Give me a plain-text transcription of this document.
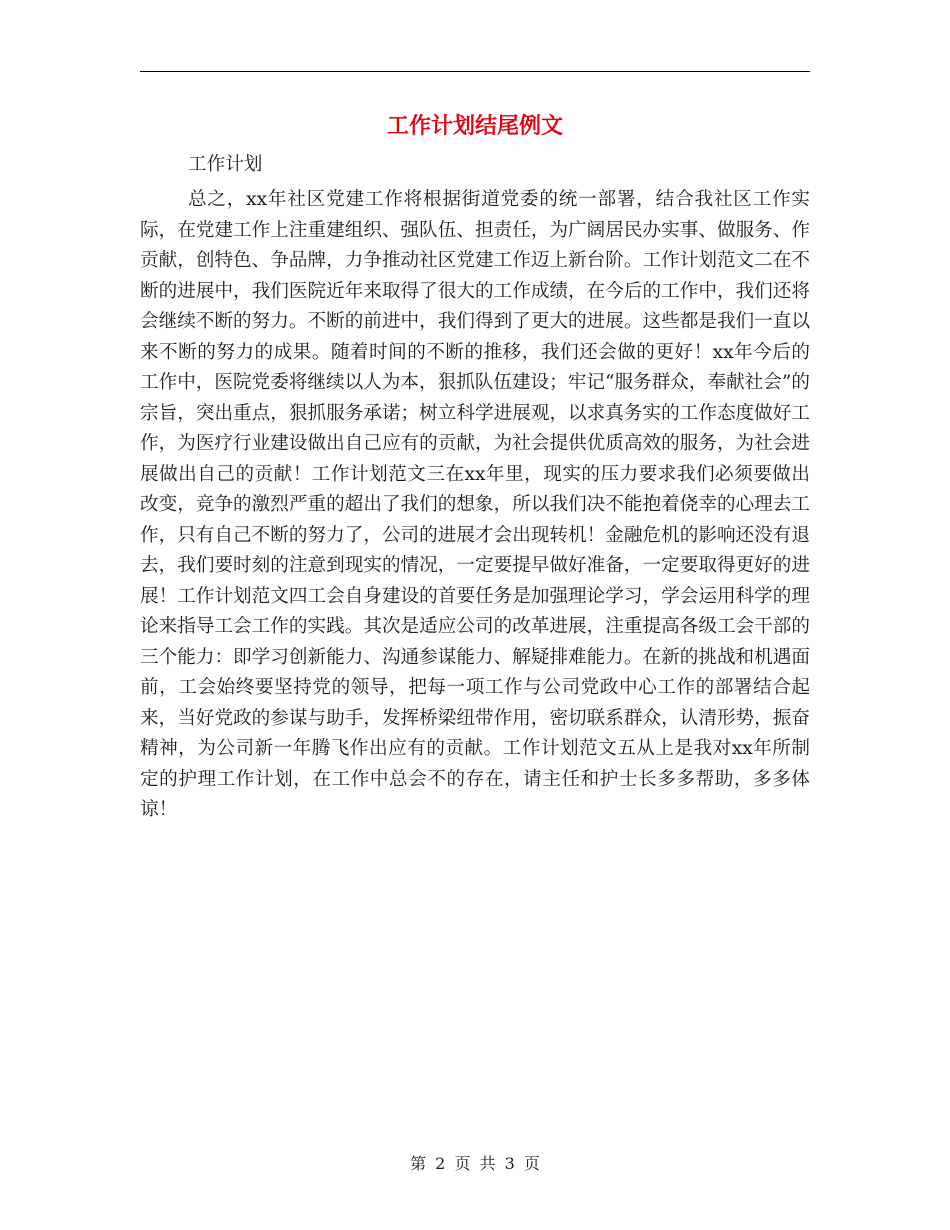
工作计划结尾例文
工作计划

总之，xx年社区党建工作将根据街道党委的统一部署，结合我社区工作实际，在党建工作上注重建组织、强队伍、担责任，为广阔居民办实事、做服务、作贡献，创特色、争品牌，力争推动社区党建工作迈上新台阶。工作计划范文二在不断的进展中，我们医院近年来取得了很大的工作成绩，在今后的工作中，我们还将会继续不断的努力。不断的前进中，我们得到了更大的进展。这些都是我们一直以来不断的努力的成果。随着时间的不断的推移，我们还会做的更好！xx年今后的工作中，医院党委将继续以人为本，狠抓队伍建设；牢记“服务群众，奉献社会”的宗旨，突出重点，狠抓服务承诺；树立科学进展观，以求真务实的工作态度做好工作，为医疗行业建设做出自己应有的贡献，为社会提供优质高效的服务，为社会进展做出自己的贡献！工作计划范文三在xx年里，现实的压力要求我们必须要做出改变，竞争的激烈严重的超出了我们的想象，所以我们决不能抱着侥幸的心理去工作，只有自己不断的努力了，公司的进展才会出现转机！金融危机的影响还没有退去，我们要时刻的注意到现实的情况，一定要提早做好准备，一定要取得更好的进展！工作计划范文四工会自身建设的首要任务是加强理论学习，学会运用科学的理论来指导工会工作的实践。其次是适应公司的改革进展，注重提高各级工会干部的三个能力：即学习创新能力、沟通参谋能力、解疑排难能力。在新的挑战和机遇面前，工会始终要坚持党的领导，把每一项工作与公司党政中心工作的部署结合起来，当好党政的参谋与助手，发挥桥梁纽带作用，密切联系群众，认清形势，振奋精神，为公司新一年腾飞作出应有的贡献。工作计划范文五从上是我对xx年所制定的护理工作计划，在工作中总会不的存在，请主任和护士长多多帮助，多多体谅！

第 2 页 共 3 页
